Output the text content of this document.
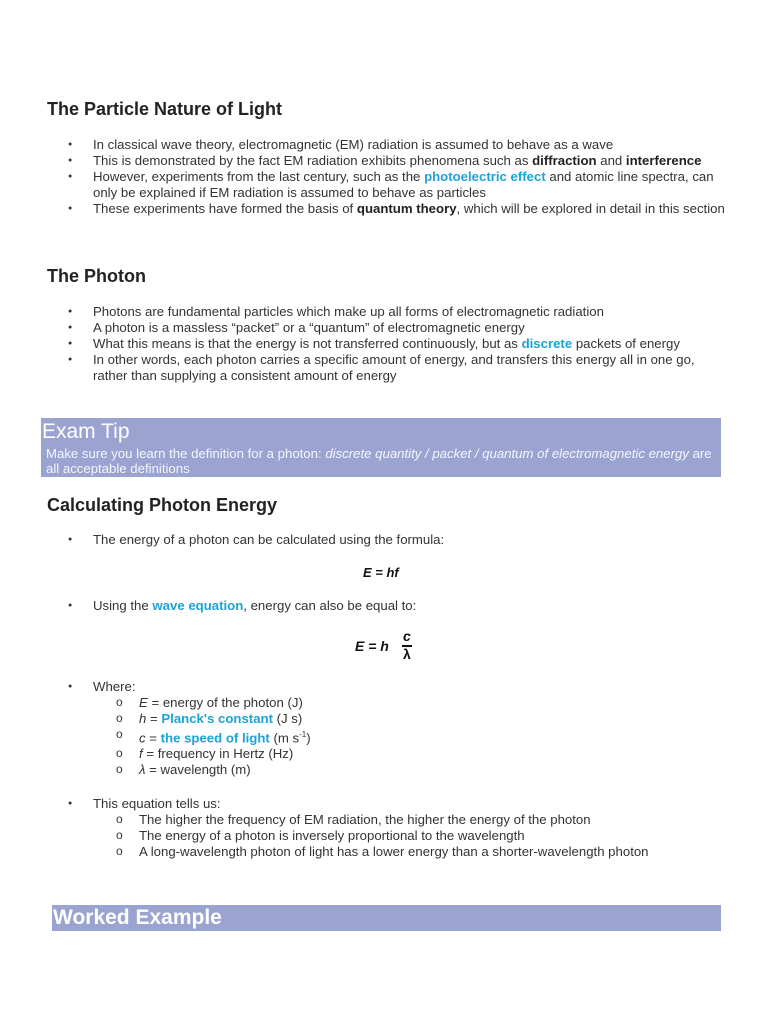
The Particle Nature of Light
● In classical wave theory, electromagnetic (EM) radiation is assumed to behave as a wave
● This is demonstrated by the fact EM radiation exhibits phenomena such as diffraction and interference
● However, experiments from the last century, such as the photoelectric effect and atomic line spectra, can only be explained if EM radiation is assumed to behave as particles
● These experiments have formed the basis of quantum theory, which will be explored in detail in this section
The Photon
● Photons are fundamental particles which make up all forms of electromagnetic radiation
● A photon is a massless “packet” or a “quantum” of electromagnetic energy
● What this means is that the energy is not transferred continuously, but as discrete packets of energy
● In other words, each photon carries a specific amount of energy, and transfers this energy all in one go, rather than supplying a consistent amount of energy
Exam Tip
Make sure you learn the definition for a photon: discrete quantity / packet / quantum of electromagnetic energy are all acceptable definitions
Calculating Photon Energy
● The energy of a photon can be calculated using the formula:
E = hf
● Using the wave equation, energy can also be equal to:
E = h
c
λ
● Where:
o E = energy of the photon (J)
o h = Planck's constant (J s)
o c = the speed of light (m $s^{-1}$)
o f = frequency in Hertz (Hz)
o λ = wavelength (m)
● This equation tells us:
o The higher the frequency of EM radiation, the higher the energy of the photon
o The energy of a photon is inversely proportional to the wavelength
o A long-wavelength photon of light has a lower energy than a shorter-wavelength photon
Worked Example
